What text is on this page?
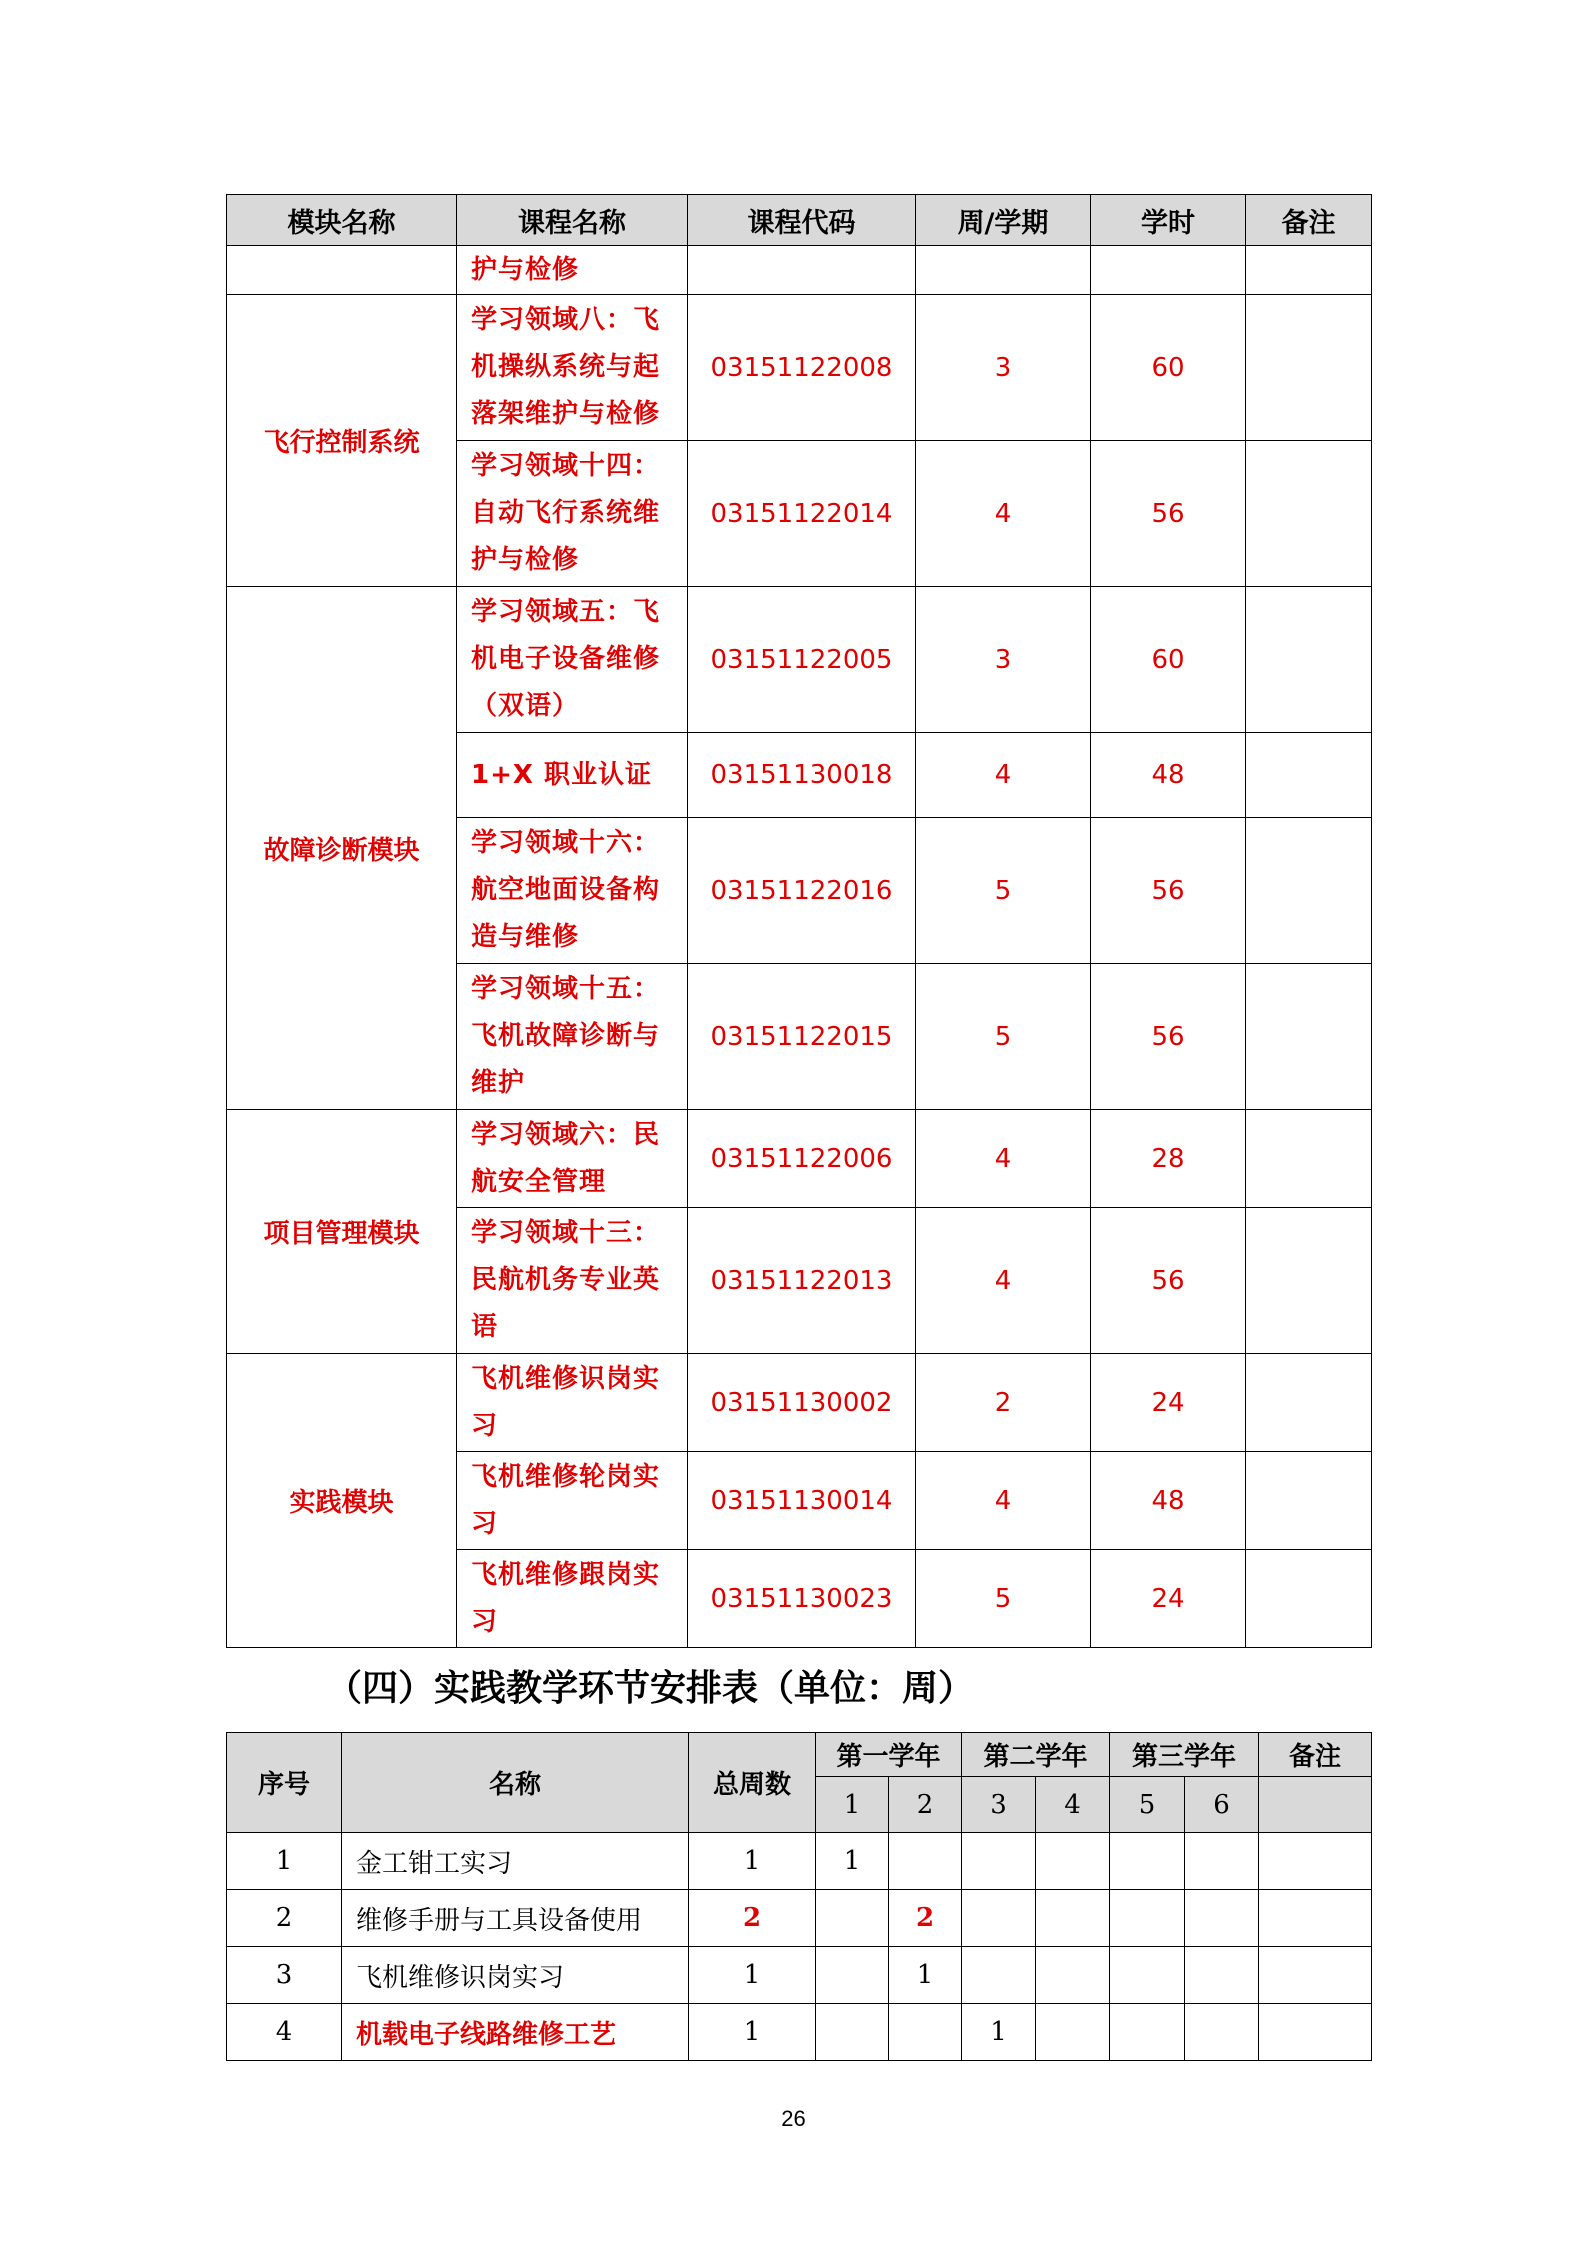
模块名称	课程名称	课程代码	周/学期	学时	备注
	护与检修				
飞行控制系统	学习领域八：飞机操纵系统与起落架维护与检修	03151122008	3	60	
	学习领域十四：自动飞行系统维护与检修	03151122014	4	56	
故障诊断模块	学习领域五：飞机电子设备维修（双语）	03151122005	3	60	
	1+X 职业认证	03151130018	4	48	
	学习领域十六：航空地面设备构造与维修	03151122016	5	56	
	学习领域十五：飞机故障诊断与维护	03151122015	5	56	
项目管理模块	学习领域六：民航安全管理	03151122006	4	28	
	学习领域十三：民航机务专业英语	03151122013	4	56	
实践模块	飞机维修识岗实习	03151130002	2	24	
	飞机维修轮岗实习	03151130014	4	48	
	飞机维修跟岗实习	03151130023	5	24	
（四）实践教学环节安排表（单位：周）
序号	名称	总周数	第一学年		第二学年		第三学年		备注
			1	2	3	4	5	6	
1	金工钳工实习	1	1						
2	维修手册与工具设备使用	2		2					
3	飞机维修识岗实习	1		1					
4	机载电子线路维修工艺	1			1				
26
